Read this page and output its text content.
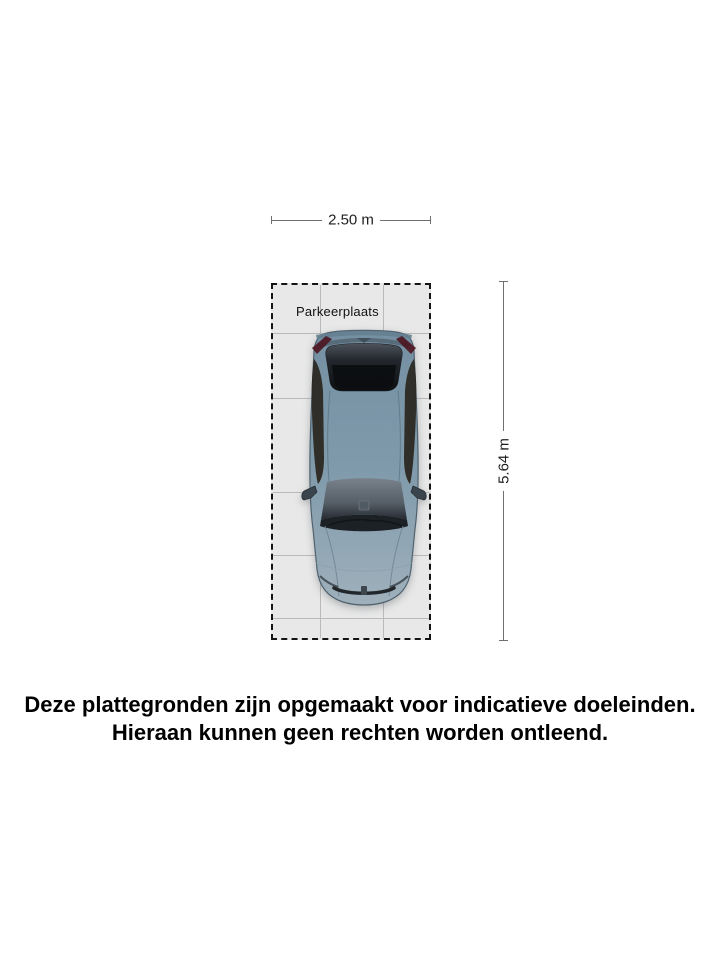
2.50 m
5.64 m
Parkeerplaats
Deze plattegronden zijn opgemaakt voor indicatieve doeleinden.
Hieraan kunnen geen rechten worden ontleend.
